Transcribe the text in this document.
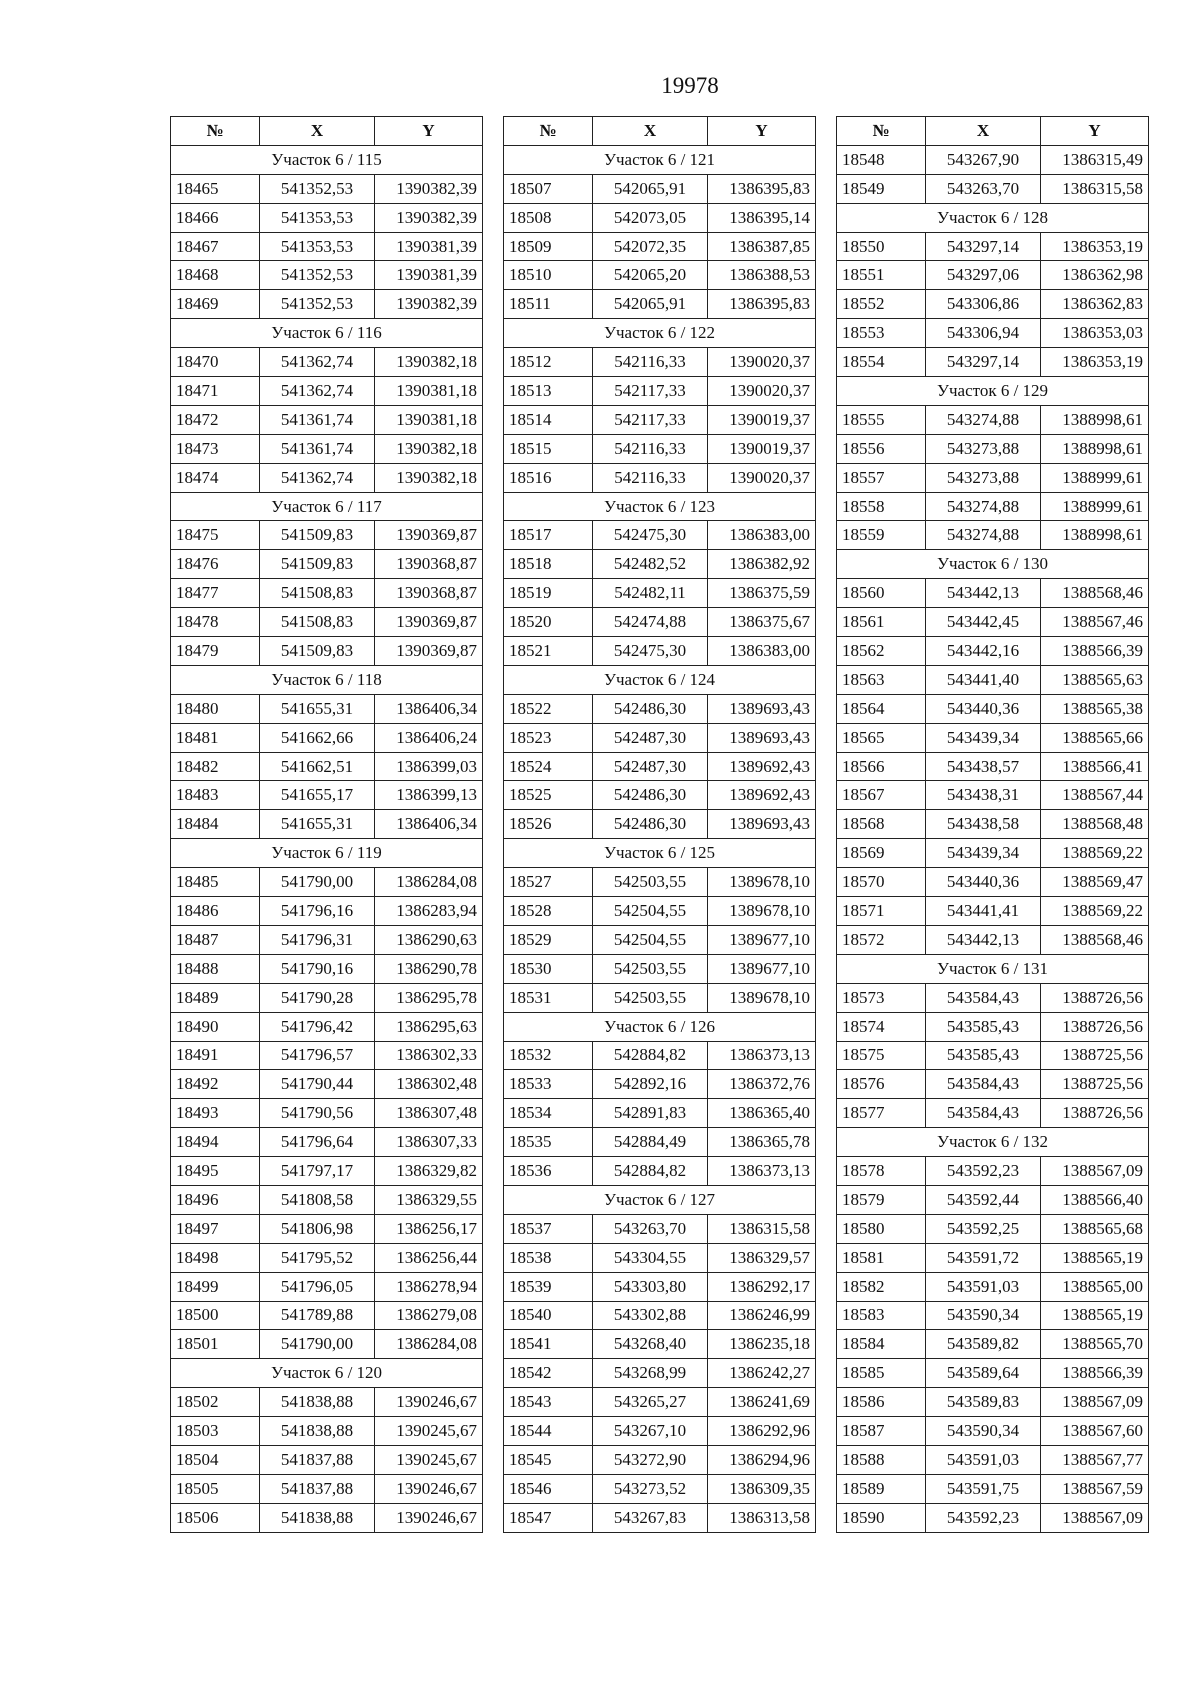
19978
№	X	Y
Участок 6 / 115		
18465	541352,53	1390382,39
18466	541353,53	1390382,39
18467	541353,53	1390381,39
18468	541352,53	1390381,39
18469	541352,53	1390382,39
Участок 6 / 116		
18470	541362,74	1390382,18
18471	541362,74	1390381,18
18472	541361,74	1390381,18
18473	541361,74	1390382,18
18474	541362,74	1390382,18
Участок 6 / 117		
18475	541509,83	1390369,87
18476	541509,83	1390368,87
18477	541508,83	1390368,87
18478	541508,83	1390369,87
18479	541509,83	1390369,87
Участок 6 / 118		
18480	541655,31	1386406,34
18481	541662,66	1386406,24
18482	541662,51	1386399,03
18483	541655,17	1386399,13
18484	541655,31	1386406,34
Участок 6 / 119		
18485	541790,00	1386284,08
18486	541796,16	1386283,94
18487	541796,31	1386290,63
18488	541790,16	1386290,78
18489	541790,28	1386295,78
18490	541796,42	1386295,63
18491	541796,57	1386302,33
18492	541790,44	1386302,48
18493	541790,56	1386307,48
18494	541796,64	1386307,33
18495	541797,17	1386329,82
18496	541808,58	1386329,55
18497	541806,98	1386256,17
18498	541795,52	1386256,44
18499	541796,05	1386278,94
18500	541789,88	1386279,08
18501	541790,00	1386284,08
Участок 6 / 120		
18502	541838,88	1390246,67
18503	541838,88	1390245,67
18504	541837,88	1390245,67
18505	541837,88	1390246,67
18506	541838,88	1390246,67
№	X	Y
Участок 6 / 121		
18507	542065,91	1386395,83
18508	542073,05	1386395,14
18509	542072,35	1386387,85
18510	542065,20	1386388,53
18511	542065,91	1386395,83
Участок 6 / 122		
18512	542116,33	1390020,37
18513	542117,33	1390020,37
18514	542117,33	1390019,37
18515	542116,33	1390019,37
18516	542116,33	1390020,37
Участок 6 / 123		
18517	542475,30	1386383,00
18518	542482,52	1386382,92
18519	542482,11	1386375,59
18520	542474,88	1386375,67
18521	542475,30	1386383,00
Участок 6 / 124		
18522	542486,30	1389693,43
18523	542487,30	1389693,43
18524	542487,30	1389692,43
18525	542486,30	1389692,43
18526	542486,30	1389693,43
Участок 6 / 125		
18527	542503,55	1389678,10
18528	542504,55	1389678,10
18529	542504,55	1389677,10
18530	542503,55	1389677,10
18531	542503,55	1389678,10
Участок 6 / 126		
18532	542884,82	1386373,13
18533	542892,16	1386372,76
18534	542891,83	1386365,40
18535	542884,49	1386365,78
18536	542884,82	1386373,13
Участок 6 / 127		
18537	543263,70	1386315,58
18538	543304,55	1386329,57
18539	543303,80	1386292,17
18540	543302,88	1386246,99
18541	543268,40	1386235,18
18542	543268,99	1386242,27
18543	543265,27	1386241,69
18544	543267,10	1386292,96
18545	543272,90	1386294,96
18546	543273,52	1386309,35
18547	543267,83	1386313,58
№	X	Y
18548	543267,90	1386315,49
18549	543263,70	1386315,58
Участок 6 / 128		
18550	543297,14	1386353,19
18551	543297,06	1386362,98
18552	543306,86	1386362,83
18553	543306,94	1386353,03
18554	543297,14	1386353,19
Участок 6 / 129		
18555	543274,88	1388998,61
18556	543273,88	1388998,61
18557	543273,88	1388999,61
18558	543274,88	1388999,61
18559	543274,88	1388998,61
Участок 6 / 130		
18560	543442,13	1388568,46
18561	543442,45	1388567,46
18562	543442,16	1388566,39
18563	543441,40	1388565,63
18564	543440,36	1388565,38
18565	543439,34	1388565,66
18566	543438,57	1388566,41
18567	543438,31	1388567,44
18568	543438,58	1388568,48
18569	543439,34	1388569,22
18570	543440,36	1388569,47
18571	543441,41	1388569,22
18572	543442,13	1388568,46
Участок 6 / 131		
18573	543584,43	1388726,56
18574	543585,43	1388726,56
18575	543585,43	1388725,56
18576	543584,43	1388725,56
18577	543584,43	1388726,56
Участок 6 / 132		
18578	543592,23	1388567,09
18579	543592,44	1388566,40
18580	543592,25	1388565,68
18581	543591,72	1388565,19
18582	543591,03	1388565,00
18583	543590,34	1388565,19
18584	543589,82	1388565,70
18585	543589,64	1388566,39
18586	543589,83	1388567,09
18587	543590,34	1388567,60
18588	543591,03	1388567,77
18589	543591,75	1388567,59
18590	543592,23	1388567,09
